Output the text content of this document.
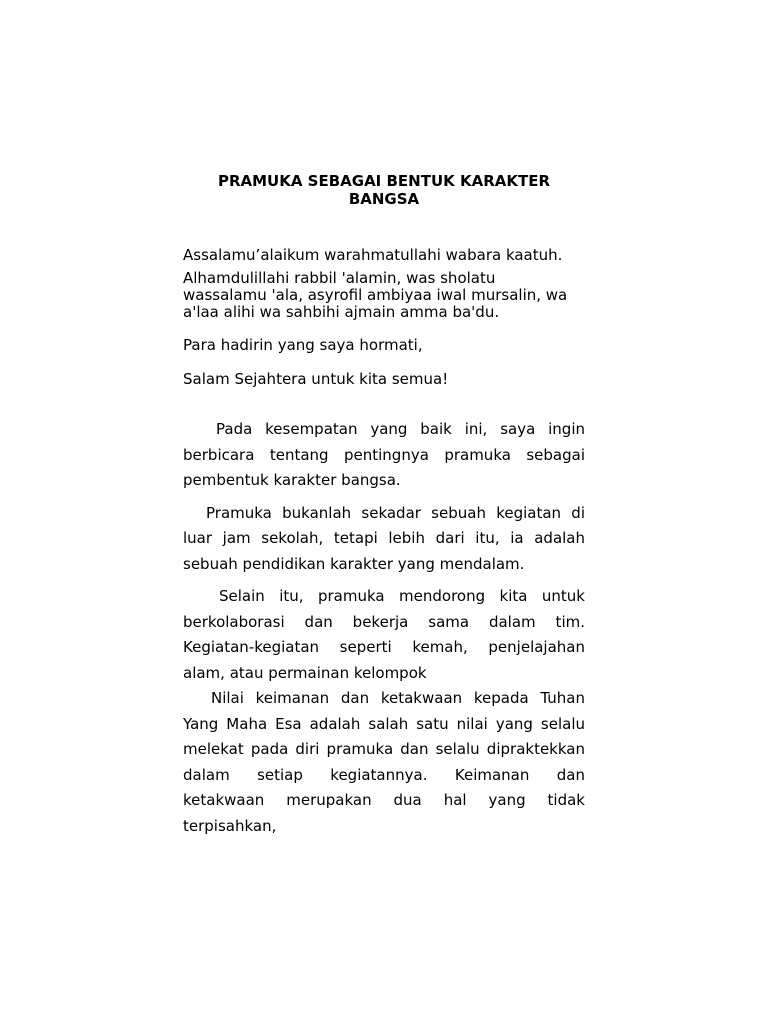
PRAMUKA SEBAGAI BENTUK KARAKTER
BANGSA

Assalamu’alaikum warahmatullahi wabara kaatuh.

Alhamdulillahi rabbil 'alamin, was sholatu
wassalamu 'ala, asyrofil ambiyaa iwal mursalin, wa
a'laa alihi wa sahbihi ajmain amma ba'du.

Para hadirin yang saya hormati,

Salam Sejahtera untuk kita semua!

Pada kesempatan yang baik ini, saya ingin
berbicara tentang pentingnya pramuka sebagai
pembentuk karakter bangsa.

Pramuka bukanlah sekadar sebuah kegiatan di
luar jam sekolah, tetapi lebih dari itu, ia adalah
sebuah pendidikan karakter yang mendalam.

Selain itu, pramuka mendorong kita untuk
berkolaborasi dan bekerja sama dalam tim.
Kegiatan-kegiatan seperti kemah, penjelajahan
alam, atau permainan kelompok

Nilai keimanan dan ketakwaan kepada Tuhan
Yang Maha Esa adalah salah satu nilai yang selalu
melekat pada diri pramuka dan selalu dipraktekkan
dalam setiap kegiatannya. Keimanan dan
ketakwaan merupakan dua hal yang tidak
terpisahkan,
